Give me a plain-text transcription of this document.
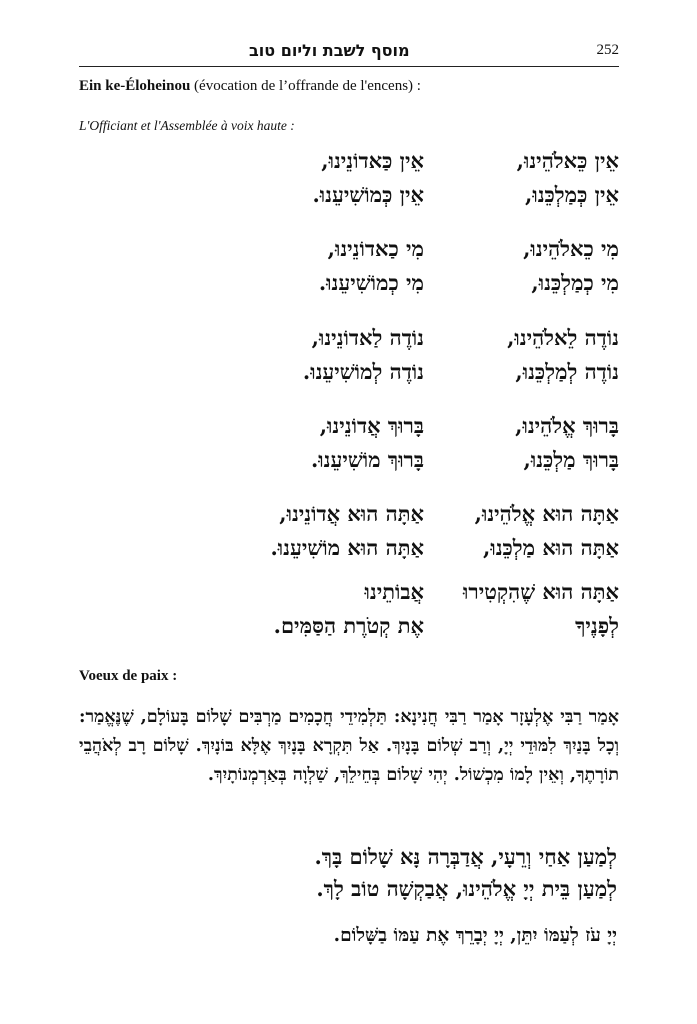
מוסף לשבת וליום טוב	252
Ein ke-Éloheinou (évocation de l’offrande de l'encens) :
L'Officiant et l'Assemblée à voix haute :
אֵין כֵּאלֹהֵינוּ,
אֵין כַּאדוֹנֵינוּ,
אֵין כְּמַלְכֵּנוּ,
אֵין כְּמוֹשִׁיעֵנוּ.
מִי כֵאלֹהֵינוּ,
מִי כַאדוֹנֵינוּ,
מִי כְמַלְכֵּנוּ,
מִי כְמוֹשִׁיעֵנוּ.
נוֹדֶה לֵאלֹהֵינוּ,
נוֹדֶה לַאדוֹנֵינוּ,
נוֹדֶה לְמַלְכֵּנוּ,
נוֹדֶה לְמוֹשִׁיעֵנוּ.
בָּרוּךְ אֱלֹהֵינוּ,
בָּרוּךְ אֲדוֹנֵינוּ,
בָּרוּךְ מַלְכֵּנוּ,
בָּרוּךְ מוֹשִׁיעֵנוּ.
אַתָּה הוּא אֱלֹהֵינוּ,
אַתָּה הוּא אֲדוֹנֵינוּ,
אַתָּה הוּא מַלְכֵּנוּ,
אַתָּה הוּא מוֹשִׁיעֵנוּ.
אַתָּה הוּא שֶׁהִקְטִירוּ
אֲבוֹתֵינוּ
לְפָנֶיךָ
אֶת קְטֹרֶת הַסַּמִּים.
Voeux de paix :
אָמַר רַבִּי אֶלְעָזָר אָמַר רַבִּי חֲנִינָא: תַּלְמִידֵי חֲכָמִים מַרְבִּים שָׁלוֹם בָּעוֹלָם, שֶׁנֶּאֱמַר: וְכָל בָּנַיִךְ לִמּוּדֵי יְיָ, וְרַב שְׁלוֹם בָּנָיִךְ. אַל תִּקְרָא בָּנָיִךְ אֶלָּא בּוֹנָיִךְ. שָׁלוֹם רָב לְאֹהֲבֵי תוֹרָתֶךָ, וְאֵין לָמוֹ מִכְשׁוֹל. יְהִי שָׁלוֹם בְּחֵילֵךְ, שַׁלְוָה בְּאַרְמְנוֹתָיִךְ.
לְמַעַן אַחַי וְרֵעָי, אֲדַבְּרָה נָּא שָׁלוֹם בָּךְ.
לְמַעַן בֵּית יְיָ אֱלֹהֵינוּ, אֲבַקְשָׁה טוֹב לָךְ.
יְיָ עֹז לְעַמּוֹ יִתֵּן, יְיָ יְבָרֵךְ אֶת עַמּוֹ בַשָּׁלוֹם.
